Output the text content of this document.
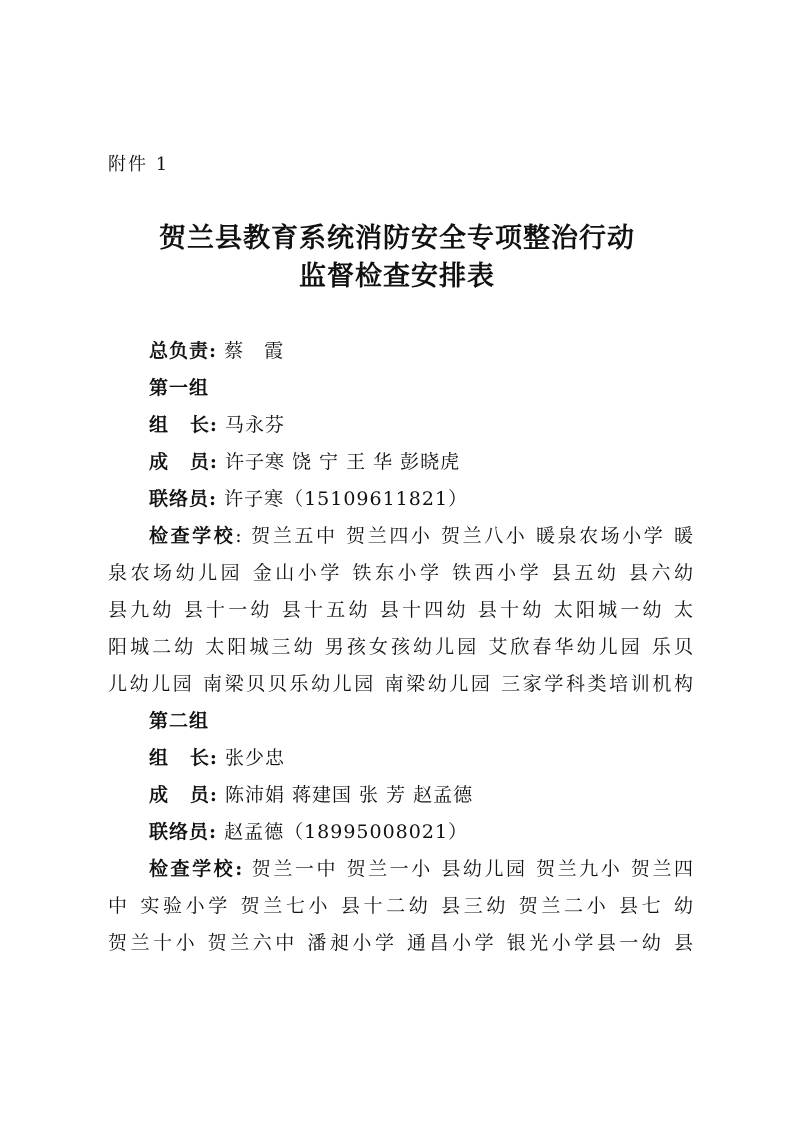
附件 1
贺兰县教育系统消防安全专项整治行动
监督检查安排表
总负责: 蔡　霞
第一组
组 长: 马永芬
成 员: 许子寒 饶 宁 王 华 彭晓虎
联络员: 许子寒（15109611821）
检查学校: 贺兰五中 贺兰四小 贺兰八小 暖泉农场小学 暖
泉农场幼儿园 金山小学 铁东小学 铁西小学 县五幼 县六幼
县九幼 县十一幼 县十五幼 县十四幼 县十幼 太阳城一幼 太
阳城二幼 太阳城三幼 男孩女孩幼儿园 艾欣春华幼儿园 乐贝
儿幼儿园 南梁贝贝乐幼儿园 南梁幼儿园 三家学科类培训机构
第二组
组 长: 张少忠
成 员: 陈沛娟 蒋建国 张 芳 赵孟德
联络员: 赵孟德（18995008021）
检查学校: 贺兰一中 贺兰一小 县幼儿园 贺兰九小 贺兰四
中 实验小学 贺兰七小 县十二幼 县三幼 贺兰二小 县七 幼
贺兰十小 贺兰六中 潘昶小学 通昌小学 银光小学县一幼 县
